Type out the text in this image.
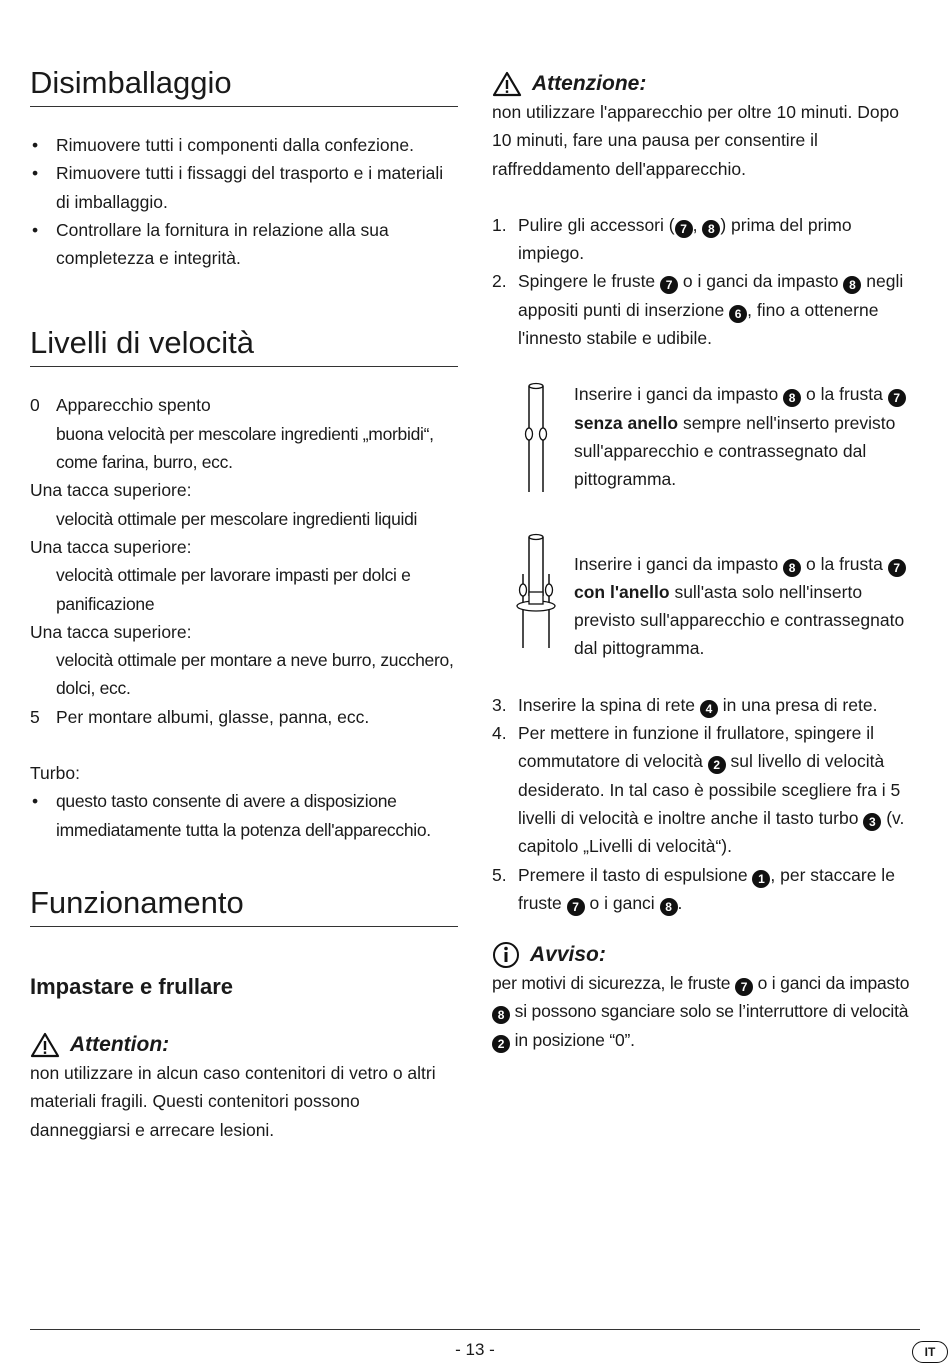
Disimballaggio
• Rimuovere tutti i componenti dalla confezione.
• Rimuovere tutti i fissaggi del trasporto e i materiali di imballaggio.
• Controllare la fornitura in relazione alla sua completezza e integrità.
Livelli di velocità
0 Apparecchio spento
buona velocità per mescolare ingredienti „morbidi“, come farina, burro, ecc.
Una tacca superiore:
velocità ottimale per mescolare ingredienti liquidi
Una tacca superiore:
velocità ottimale per lavorare impasti per dolci e panificazione
Una tacca superiore:
velocità ottimale per montare a neve burro, zucchero, dolci, ecc.
5 Per montare albumi, glasse, panna, ecc.
Turbo:
• questo tasto consente di avere a disposizione immediatamente tutta la potenza dell'apparecchio.
Funzionamento
Impastare e frullare
Attention:
non utilizzare in alcun caso contenitori di vetro o altri materiali fragili. Questi contenitori possono danneggiarsi e arrecare lesioni.
Attenzione:
non utilizzare l'apparecchio per oltre 10 minuti. Dopo 10 minuti, fare una pausa per consentire il raffreddamento dell'apparecchio.
1. Pulire gli accessori ( 7 , 8 ) prima del primo impiego.
2. Spingere le fruste 7 o i ganci da impasto 8 negli appositi punti di inserzione 6 , fino a ottenerne l'innesto stabile e udibile.
Inserire i ganci da impasto 8 o la frusta 7 senza anello sempre nell'inserto previsto sull'apparecchio e contrassegnato dal pittogramma.
Inserire i ganci da impasto 8 o la frusta 7 con l'anello sull'asta solo nell'inserto previsto sull'apparecchio e contrassegnato dal pittogramma.
3. Inserire la spina di rete 4 in una presa di rete.
4. Per mettere in funzione il frullatore, spingere il commutatore di velocità 2 sul livello di velocità desiderato. In tal caso è possibile scegliere fra i 5 livelli di velocità e inoltre anche il tasto turbo 3 (v. capitolo „Livelli di velocità“).
5. Premere il tasto di espulsione 1 , per staccare le fruste 7 o i ganci 8 .
Avviso:
per motivi di sicurezza, le fruste 7 o i ganci da impasto 8 si possono sganciare solo se l’interruttore di velocità 2 in posizione “0”.
- 13 -	IT
